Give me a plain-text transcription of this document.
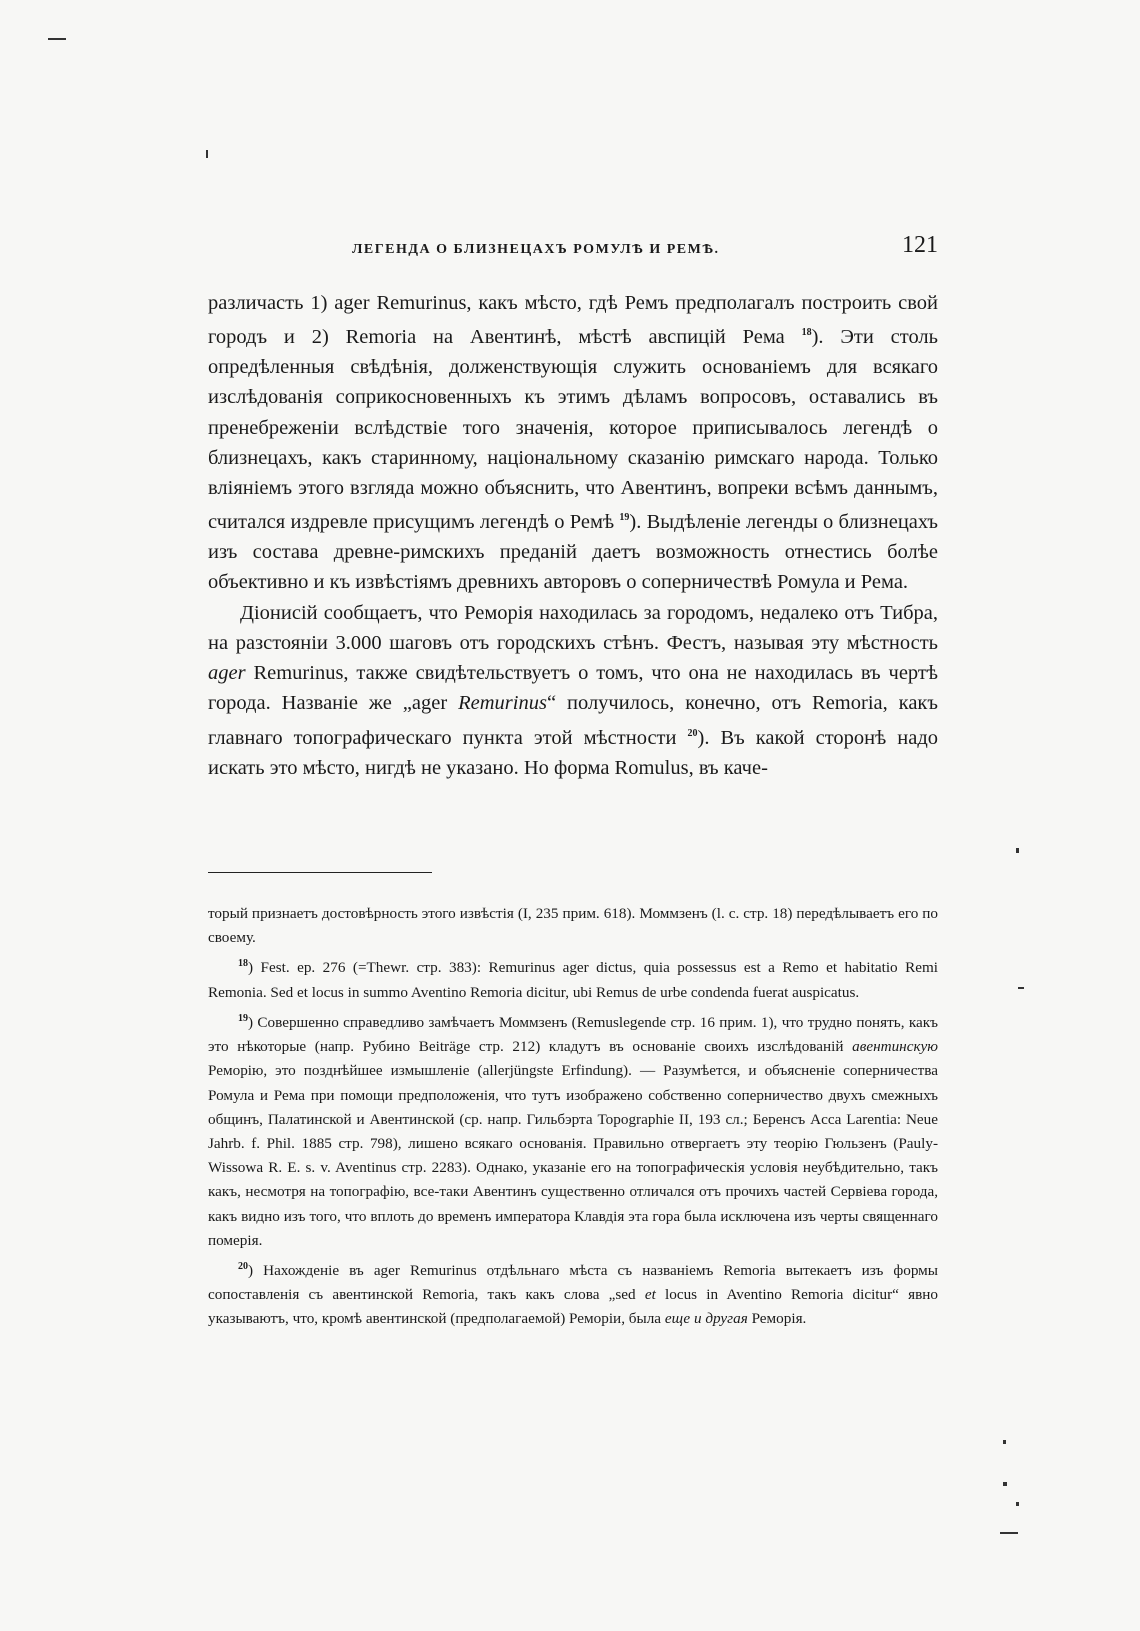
ЛЕГЕНДА О БЛИЗНЕЦАХЪ РОМУЛѢ И РЕМѢ.	121

различасть 1) ager Remurinus, какъ мѣсто, гдѣ Ремъ предполагалъ построить свой городъ и 2) Remoria на Авентинѣ, мѣстѣ авспицій Рема $^{18}$). Эти столь опредѣленныя свѣдѣнія, долженствующія служить основаніемъ для всякаго изслѣдованія соприкосновенныхъ къ этимъ дѣламъ вопросовъ, оставались въ пренебреженіи вслѣдствіе того значенія, которое приписывалось легендѣ о близнецахъ, какъ старинному, національному сказанію римскаго народа. Только вліяніемъ этого взгляда можно объяснить, что Авентинъ, вопреки всѣмъ даннымъ, считался издревле присущимъ легендѣ о Ремѣ $^{19}$). Выдѣленіе легенды о близнецахъ изъ состава древне-римскихъ преданій даетъ возможность отнестись болѣе объективно и къ извѣстіямъ древнихъ авторовъ о соперничествѣ Ромула и Рема.

Діонисій сообщаетъ, что Ремоpія находилась за городомъ, недалеко отъ Тибра, на разстояніи 3.000 шаговъ отъ городскихъ стѣнъ. Фестъ, называя эту мѣстность ager Remurinus, также свидѣтельствуетъ о томъ, что она не находилась въ чертѣ города. Названіе же „ager Remurinus“ получилось, конечно, отъ Remoria, какъ главнаго топографическаго пункта этой мѣстности $^{20}$). Въ какой сторонѣ надо искать это мѣсто, нигдѣ не указано. Но форма Romulus, въ каче-

торый признаетъ достовѣрность этого извѣстія (I, 235 прим. 618). Моммзенъ (l. c. стр. 18) передѣлываетъ его по своему.

$^{18}$) Fest. ep. 276 (=Thewr. стр. 383): Remurinus ager dictus, quia possessus est a Remo et habitatio Remi Remonia. Sed et locus in summo Aventino Remoria dicitur, ubi Remus de urbe condenda fuerat auspicatus.

$^{19}$) Совершенно справедливо замѣчаетъ Моммзенъ (Remuslegende стр. 16 прим. 1), что трудно понять, какъ это нѣкоторые (напр. Рубино Beiträge стр. 212) кладутъ въ основаніе своихъ изслѣдованій авентинскую Ремоpію, это позднѣйшее измышленіе (allerjüngste Erfindung). — Разумѣется, и объясненіе соперничества Ромула и Рема при помощи предположенія, что тутъ изображено собственно соперничество двухъ смежныхъ общинъ, Палатинской и Авентинской (ср. напр. Гильбэрта Topographie II, 193 сл.; Беренсъ Acca Larentia: Neue Jahrb. f. Phil. 1885 стр. 798), лишено всякаго основанія. Правильно отвергаетъ эту теорію Гюльзенъ (Pauly-Wissowa R. E. s. v. Aventinus стр. 2283). Однако, указаніе его на топографическія условія неубѣдительно, такъ какъ, несмотря на топографію, все-таки Авентинъ существенно отличался отъ прочихъ частей Сервіева города, какъ видно изъ того, что вплоть до временъ императора Клавдія эта гора была исключена изъ черты священнаго померія.

$^{20}$) Нахожденіе въ ager Remurinus отдѣльнаго мѣста съ названіемъ Remoria вытекаетъ изъ формы сопоставленія съ авентинской Remoria, такъ какъ слова „sed et locus in Aventino Remoria dicitur“ явно указываютъ, что, кромѣ авентинской (предполагаемой) Ремоpіи, была еще и другая Ремоpія.
